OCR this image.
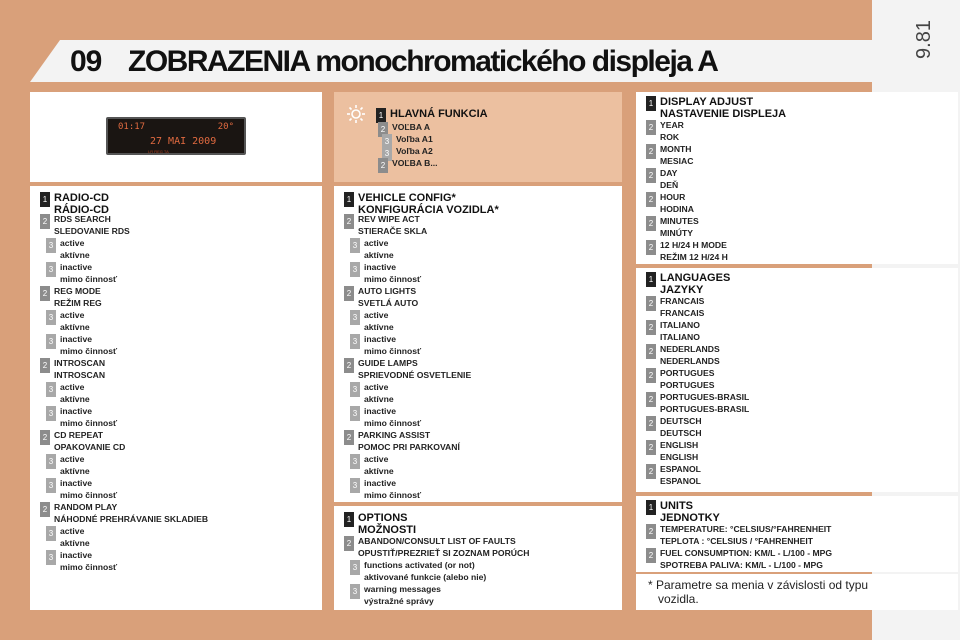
9.81
09 ZOBRAZENIA monochromatického displeja A
01:17	20°
27 MAI 2009
LR REG TA
1 RADIO-CD
RÁDIO-CD
2 RDS SEARCH
SLEDOVANIE RDS
3 active
aktívne
3 inactive
mimo činnosť
2 REG MODE
REŽIM REG
3 active
aktívne
3 inactive
mimo činnosť
2 INTROSCAN
INTROSCAN
3 active
aktívne
3 inactive
mimo činnosť
2 CD REPEAT
OPAKOVANIE CD
3 active
aktívne
3 inactive
mimo činnosť
2 RANDOM PLAY
NÁHODNÉ PREHRÁVANIE SKLADIEB
3 active
aktívne
3 inactive
mimo činnosť
1 VEHICLE CONFIG*
KONFIGURÁCIA VOZIDLA*
2 REV WIPE ACT
STIERAČE SKLA
3 active
aktívne
3 inactive
mimo činnosť
2 AUTO LIGHTS
SVETLÁ AUTO
3 active
aktívne
3 inactive
mimo činnosť
2 GUIDE LAMPS
SPRIEVODNÉ OSVETLENIE
3 active
aktívne
3 inactive
mimo činnosť
2 PARKING ASSIST
POMOC PRI PARKOVANÍ
3 active
aktívne
3 inactive
mimo činnosť
1 OPTIONS
MOŽNOSTI
2 ABANDON/CONSULT LIST OF FAULTS
OPUSTIŤ/PREZRIEŤ SI ZOZNAM PORÚCH
3 functions activated (or not)
aktivované funkcie (alebo nie)
3 warning messages
výstražné správy
1 DISPLAY ADJUST
NASTAVENIE DISPLEJA
2 YEAR
ROK
2 MONTH
MESIAC
2 DAY
DEŇ
2 HOUR
HODINA
2 MINUTES
MINÚTY
2 12 H/24 H MODE
REŽIM 12 H/24 H
1 LANGUAGES
JAZYKY
2 FRANCAIS
FRANCAIS
2 ITALIANO
ITALIANO
2 NEDERLANDS
NEDERLANDS
2 PORTUGUES
PORTUGUES
2 PORTUGUES-BRASIL
PORTUGUES-BRASIL
2 DEUTSCH
DEUTSCH
2 ENGLISH
ENGLISH
2 ESPANOL
ESPANOL
1 UNITS
JEDNOTKY
2 TEMPERATURE: °CELSIUS/°FAHRENHEIT
TEPLOTA : °CELSIUS / °FAHRENHEIT
2 FUEL CONSUMPTION: KM/L - L/100 - MPG
SPOTREBA PALIVA: KM/L - L/100 - MPG
1 HLAVNÁ FUNKCIA
2 VOĽBA A
3 Voľba A1
3 Voľba A2
2 VOĽBA B...
* Parametre sa menia v závislosti od typu
vozidla.
